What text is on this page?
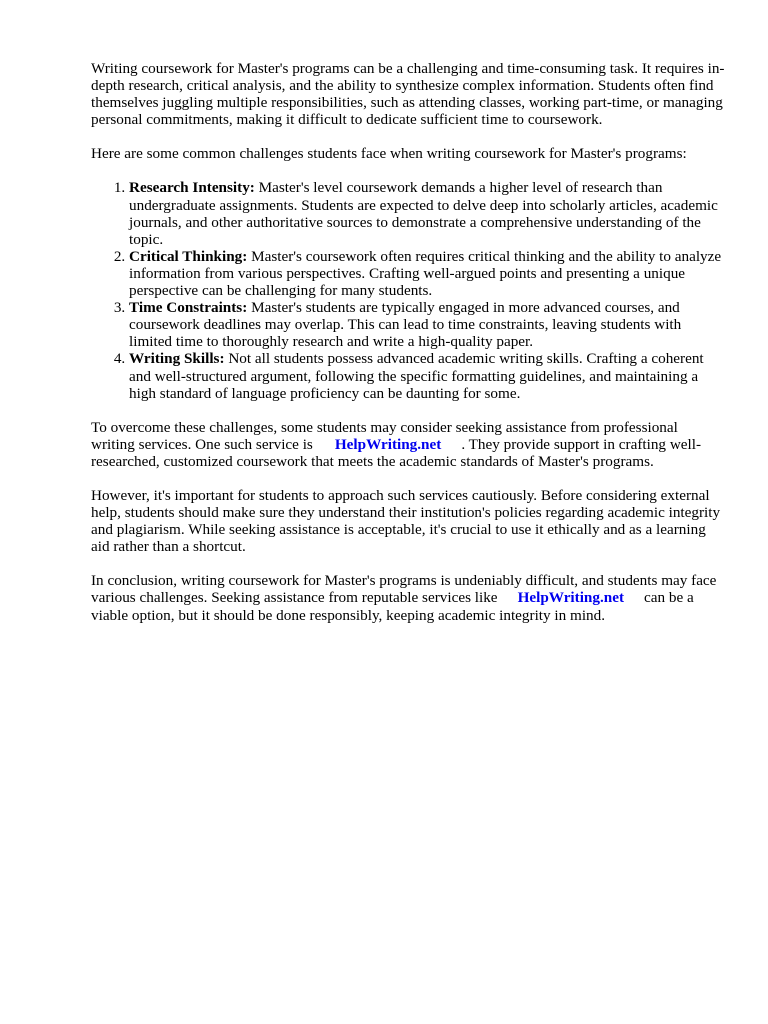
Writing coursework for Master's programs can be a challenging and time-consuming task. It requires in-depth research, critical analysis, and the ability to synthesize complex information. Students often find themselves juggling multiple responsibilities, such as attending classes, working part-time, or managing personal commitments, making it difficult to dedicate sufficient time to coursework.

Here are some common challenges students face when writing coursework for Master's programs:

1. Research Intensity: Master's level coursework demands a higher level of research than undergraduate assignments. Students are expected to delve deep into scholarly articles, academic journals, and other authoritative sources to demonstrate a comprehensive understanding of the topic.
2. Critical Thinking: Master's coursework often requires critical thinking and the ability to analyze information from various perspectives. Crafting well-argued points and presenting a unique perspective can be challenging for many students.
3. Time Constraints: Master's students are typically engaged in more advanced courses, and coursework deadlines may overlap. This can lead to time constraints, leaving students with limited time to thoroughly research and write a high-quality paper.
4. Writing Skills: Not all students possess advanced academic writing skills. Crafting a coherent and well-structured argument, following the specific formatting guidelines, and maintaining a high standard of language proficiency can be daunting for some.

To overcome these challenges, some students may consider seeking assistance from professional writing services. One such service is HelpWriting.net . They provide support in crafting well-researched, customized coursework that meets the academic standards of Master's programs.

However, it's important for students to approach such services cautiously. Before considering external help, students should make sure they understand their institution's policies regarding academic integrity and plagiarism. While seeking assistance is acceptable, it's crucial to use it ethically and as a learning aid rather than a shortcut.

In conclusion, writing coursework for Master's programs is undeniably difficult, and students may face various challenges. Seeking assistance from reputable services like HelpWriting.net can be a viable option, but it should be done responsibly, keeping academic integrity in mind.
